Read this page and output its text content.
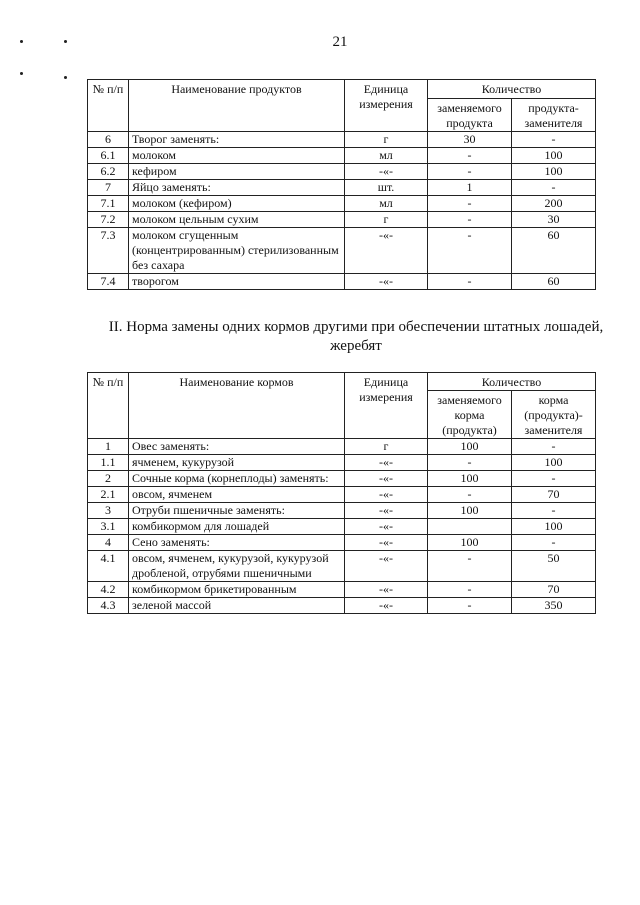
21
№ п/п	Наименование продуктов	Единица измерения	Количество	
			заменяемого продукта	продукта-заменителя
6	Творог заменять:	г	30	-
6.1	молоком	мл	-	100
6.2	кефиром	-«-	-	100
7	Яйцо заменять:	шт.	1	-
7.1	молоком (кефиром)	мл	-	200
7.2	молоком цельным сухим	г	-	30
7.3	молоком сгущенным (концентрированным) стерилизованным без сахара	-«-	-	60
7.4	творогом	-«-	-	60
II. Норма замены одних кормов другими при обеспечении штатных лошадей, жеребят
№ п/п	Наименование кормов	Единица измерения	Количество	
			заменяемого корма (продукта)	корма (продукта)-заменителя
1	Овес заменять:	г	100	-
1.1	ячменем, кукурузой	-«-	-	100
2	Сочные корма (корнеплоды) заменять:	-«-	100	-
2.1	овсом, ячменем	-«-	-	70
3	Отруби пшеничные заменять:	-«-	100	-
3.1	комбикормом для лошадей	-«-		100
4	Сено заменять:	-«-	100	-
4.1	овсом, ячменем, кукурузой, кукурузой дробленой, отрубями пшеничными	-«-	-	50
4.2	комбикормом брикетированным	-«-	-	70
4.3	зеленой массой	-«-	-	350
